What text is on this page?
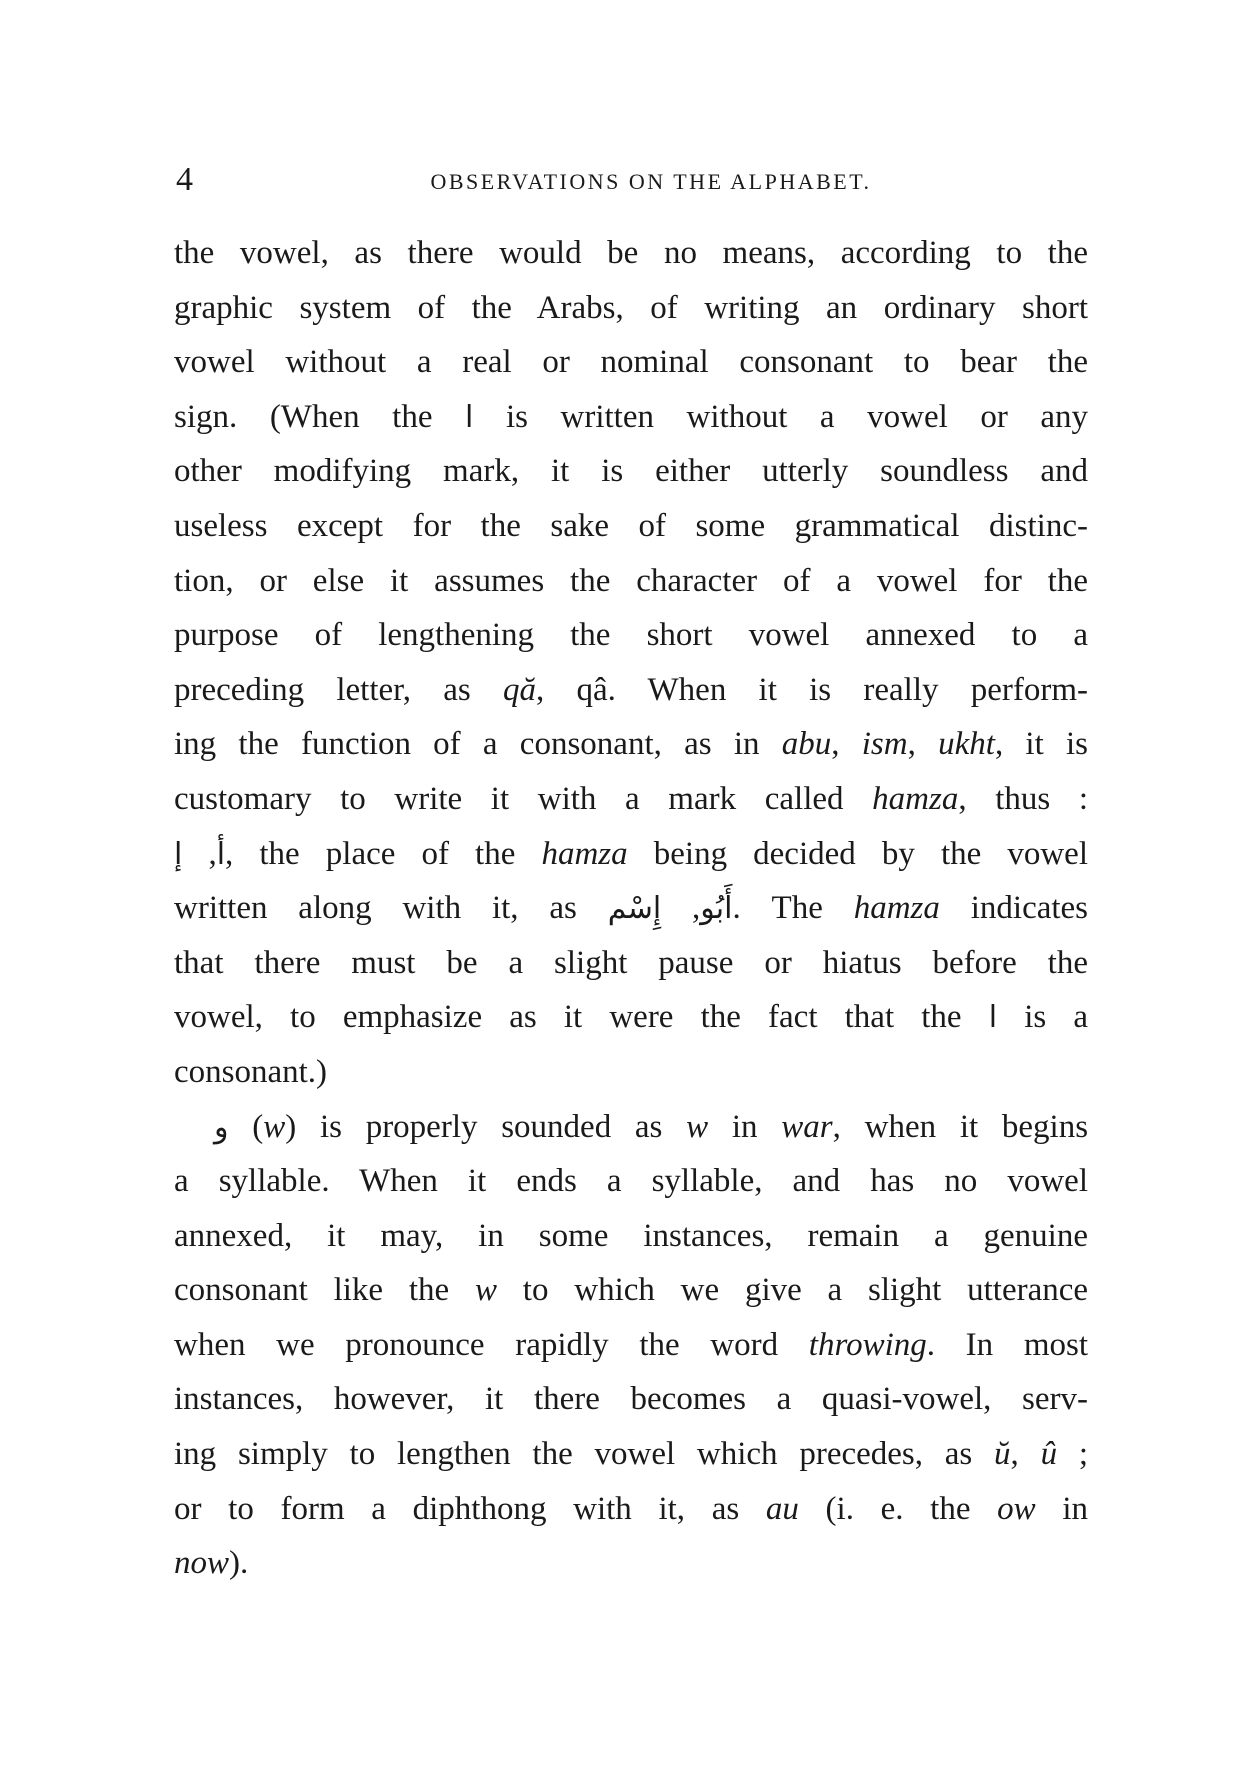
4	OBSERVATIONS ON THE ALPHABET.
the vowel, as there would be no means, according to the
graphic system of the Arabs, of writing an ordinary short
vowel without a real or nominal consonant to bear the
sign. (When the ا is written without a vowel or any
other modifying mark, it is either utterly soundless and
useless except for the sake of some grammatical distinc-
tion, or else it assumes the character of a vowel for the
purpose of lengthening the short vowel annexed to a
preceding letter, as qă, qâ. When it is really perform-
ing the function of a consonant, as in abu, ism, ukht, it is
customary to write it with a mark called hamza, thus :
أ, إ , the place of the hamza being decided by the vowel
written along with it, as	أَبُو, إِسْم . The hamza indicates
that there must be a slight pause or hiatus before the
vowel, to emphasize as it were the fact that the ا is a
consonant.)
و (w) is properly sounded as w in war, when it begins
a syllable. When it ends a syllable, and has no vowel
annexed, it may, in some instances, remain a genuine
consonant like the w to which we give a slight utterance
when we pronounce rapidly the word throwing. In most
instances, however, it there becomes a quasi-vowel, serv-
ing simply to lengthen the vowel which precedes, as ŭ, û ;
or to form a diphthong with it, as au (i. e. the ow in
now).
